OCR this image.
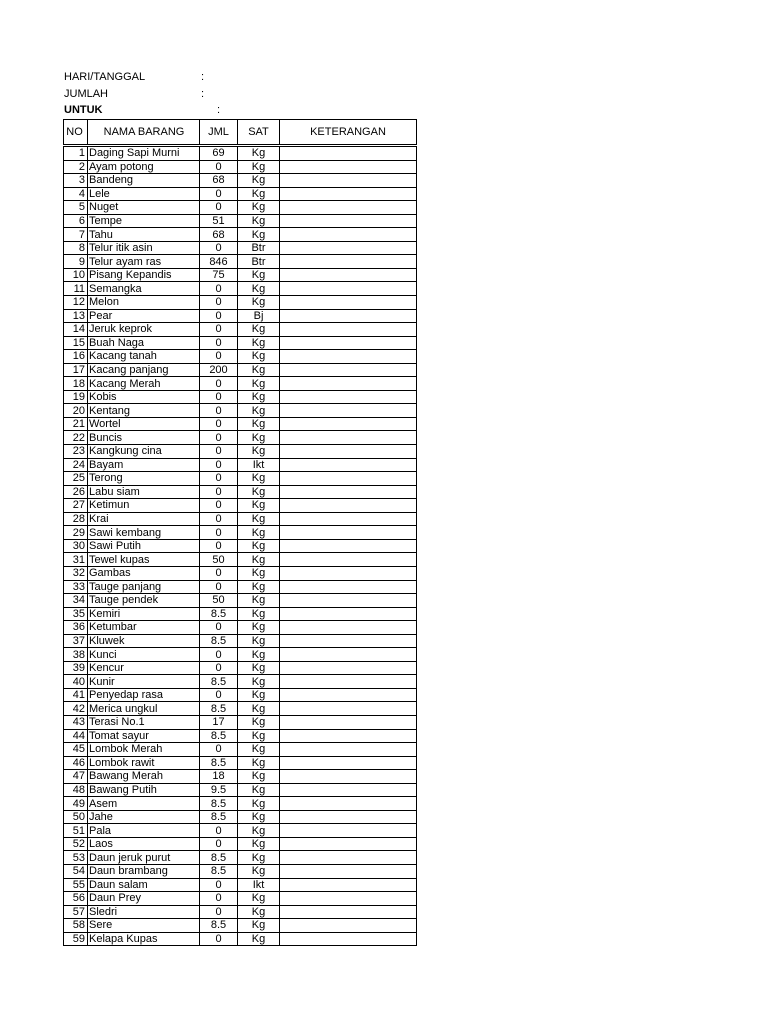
HARI/TANGGAL	:
JUMLAH	:
UNTUK	:
NO	NAMA BARANG	JML	SAT	KETERANGAN
1	Daging Sapi Murni	69	Kg	
2	Ayam potong	0	Kg	
3	Bandeng	68	Kg	
4	Lele	0	Kg	
5	Nuget	0	Kg	
6	Tempe	51	Kg	
7	Tahu	68	Kg	
8	Telur itik asin	0	Btr	
9	Telur ayam ras	846	Btr	
10	Pisang Kepandis	75	Kg	
11	Semangka	0	Kg	
12	Melon	0	Kg	
13	Pear	0	Bj	
14	Jeruk keprok	0	Kg	
15	Buah Naga	0	Kg	
16	Kacang tanah	0	Kg	
17	Kacang panjang	200	Kg	
18	Kacang Merah	0	Kg	
19	Kobis	0	Kg	
20	Kentang	0	Kg	
21	Wortel	0	Kg	
22	Buncis	0	Kg	
23	Kangkung cina	0	Kg	
24	Bayam	0	Ikt	
25	Terong	0	Kg	
26	Labu siam	0	Kg	
27	Ketimun	0	Kg	
28	Krai	0	Kg	
29	Sawi kembang	0	Kg	
30	Sawi Putih	0	Kg	
31	Tewel kupas	50	Kg	
32	Gambas	0	Kg	
33	Tauge panjang	0	Kg	
34	Tauge pendek	50	Kg	
35	Kemiri	8.5	Kg	
36	Ketumbar	0	Kg	
37	Kluwek	8.5	Kg	
38	Kunci	0	Kg	
39	Kencur	0	Kg	
40	Kunir	8.5	Kg	
41	Penyedap rasa	0	Kg	
42	Merica ungkul	8.5	Kg	
43	Terasi No.1	17	Kg	
44	Tomat sayur	8.5	Kg	
45	Lombok Merah	0	Kg	
46	Lombok rawit	8.5	Kg	
47	Bawang Merah	18	Kg	
48	Bawang Putih	9.5	Kg	
49	Asem	8.5	Kg	
50	Jahe	8.5	Kg	
51	Pala	0	Kg	
52	Laos	0	Kg	
53	Daun jeruk purut	8.5	Kg	
54	Daun brambang	8.5	Kg	
55	Daun salam	0	Ikt	
56	Daun Prey	0	Kg	
57	Sledri	0	Kg	
58	Sere	8.5	Kg	
59	Kelapa Kupas	0	Kg	
